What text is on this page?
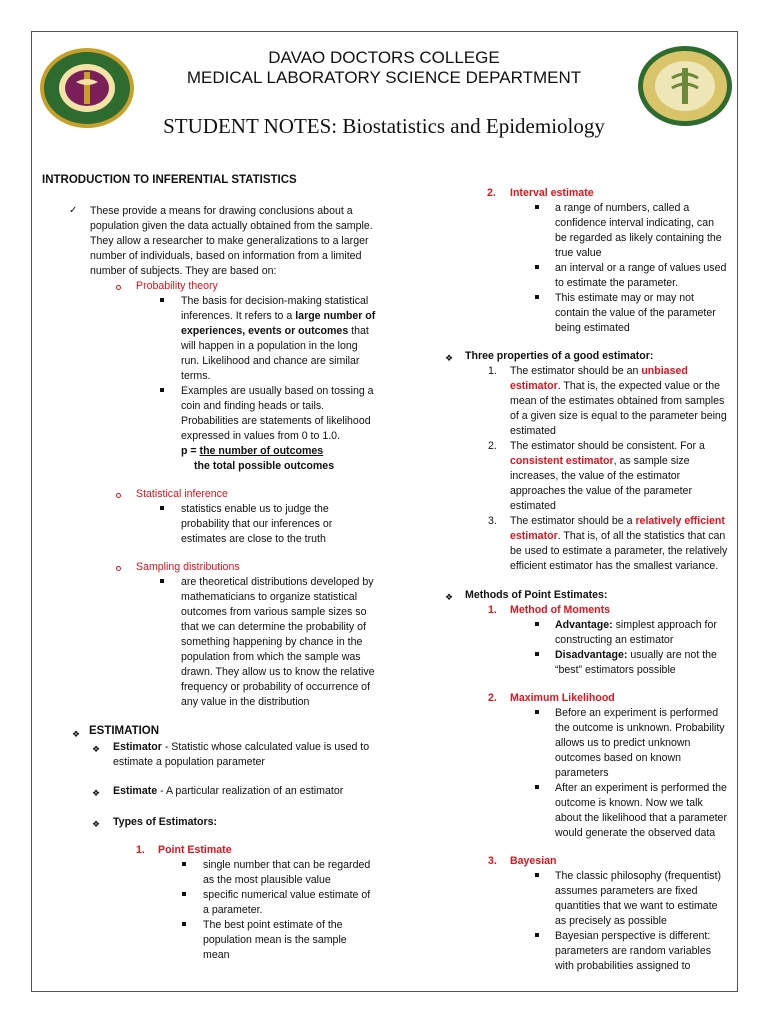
DAVAO DOCTORS COLLEGE
MEDICAL LABORATORY SCIENCE DEPARTMENT
STUDENT NOTES: Biostatistics and Epidemiology
INTRODUCTION TO INFERENTIAL STATISTICS
✓ These provide a means for drawing conclusions about a
population given the data actually obtained from the sample.
They allow a researcher to make generalizations to a larger
number of individuals, based on information from a limited
number of subjects. They are based on:
Probability theory
The basis for decision-making statistical
inferences. It refers to a large number of
experiences, events or outcomes that
will happen in a population in the long
run. Likelihood and chance are similar
terms.
Examples are usually based on tossing a
coin and finding heads or tails.
Probabilities are statements of likelihood
expressed in values from 0 to 1.0.
p = the number of outcomes
the total possible outcomes
Statistical inference
statistics enable us to judge the
probability that our inferences or
estimates are close to the truth
Sampling distributions
are theoretical distributions developed by
mathematicians to organize statistical
outcomes from various sample sizes so
that we can determine the probability of
something happening by chance in the
population from which the sample was
drawn. They allow us to know the relative
frequency or probability of occurrence of
any value in the distribution
❖ ESTIMATION
❖ Estimator - Statistic whose calculated value is used to
estimate a population parameter
❖ Estimate - A particular realization of an estimator
❖ Types of Estimators:
1. Point Estimate
single number that can be regarded
as the most plausible value
specific numerical value estimate of
a parameter.
The best point estimate of the
population mean is the sample
mean
2. Interval estimate
a range of numbers, called a
confidence interval indicating, can
be regarded as likely containing the
true value
an interval or a range of values used
to estimate the parameter.
This estimate may or may not
contain the value of the parameter
being estimated
❖ Three properties of a good estimator:
1. The estimator should be an unbiased
estimator. That is, the expected value or the
mean of the estimates obtained from samples
of a given size is equal to the parameter being
estimated
2. The estimator should be consistent. For a
consistent estimator, as sample size
increases, the value of the estimator
approaches the value of the parameter
estimated
3. The estimator should be a relatively efficient
estimator. That is, of all the statistics that can
be used to estimate a parameter, the relatively
efficient estimator has the smallest variance.
❖ Methods of Point Estimates:
1. Method of Moments
Advantage: simplest approach for
constructing an estimator
Disadvantage: usually are not the
“best” estimators possible
2. Maximum Likelihood
Before an experiment is performed
the outcome is unknown. Probability
allows us to predict unknown
outcomes based on known
parameters
After an experiment is performed the
outcome is known. Now we talk
about the likelihood that a parameter
would generate the observed data
3. Bayesian
The classic philosophy (frequentist)
assumes parameters are fixed
quantities that we want to estimate
as precisely as possible
Bayesian perspective is different:
parameters are random variables
with probabilities assigned to
